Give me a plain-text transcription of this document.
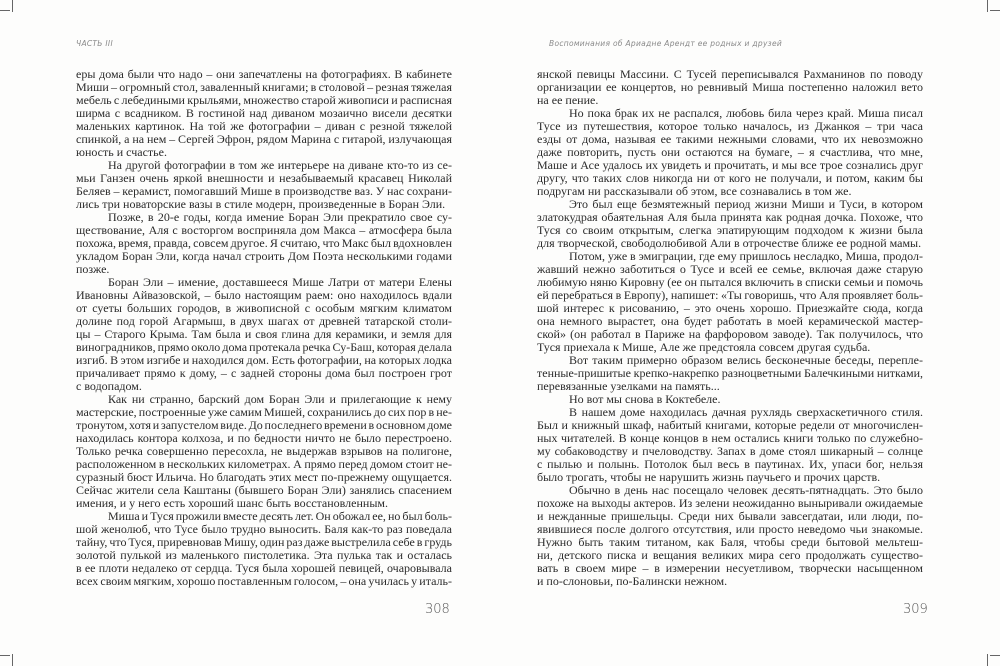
ЧАСТЬ III
еры дома были что надо – они запечатлены на фотографиях. В кабинете
Миши – огромный стол, заваленный книгами; в столовой – резная тяжелая
мебель с лебедиными крыльями, множество старой живописи и расписная
ширма с всадником. В гостиной над диваном мозаично висели десятки
маленьких картинок. На той же фотографии – диван с резной тяжелой
спинкой, а на нем – Сергей Эфрон, рядом Марина с гитарой, излучающая
юность и счастье.
На другой фотографии в том же интерьере на диване кто-то из се-
мьи Ганзен очень яркой внешности и незабываемый красавец Николай
Беляев – керамист, помогавший Мише в производстве ваз. У нас сохрани-
лись три новаторские вазы в стиле модерн, произведенные в Боран Эли.
Позже, в 20-е годы, когда имение Боран Эли прекратило свое су-
ществование, Аля с восторгом восприняла дом Макса – атмосфера была
похожа, время, правда, совсем другое. Я считаю, что Макс был вдохновлен
укладом Боран Эли, когда начал строить Дом Поэта несколькими годами
позже.
Боран Эли – имение, доставшееся Мише Латри от матери Елены
Ивановны Айвазовской, – было настоящим раем: оно находилось вдали
от суеты больших городов, в живописной с особым мягким климатом
долине под горой Агармыш, в двух шагах от древней татарской столи-
цы – Старого Крыма. Там была и своя глина для керамики, и земля для
виноградников, прямо около дома протекала речка Су-Баш, которая делала
изгиб. В этом изгибе и находился дом. Есть фотографии, на которых лодка
причаливает прямо к дому, – с задней стороны дома был построен грот
с водопадом.
Как ни странно, барский дом Боран Эли и прилегающие к нему
мастерские, построенные уже самим Мишей, сохранились до сих пор в не-
тронутом, хотя и запустелом виде. До последнего времени в основном доме
находилась контора колхоза, и по бедности ничто не было перестроено.
Только речка совершенно пересохла, не выдержав взрывов на полигоне,
расположенном в нескольких километрах. А прямо перед домом стоит не-
суразный бюст Ильича. Но благодать этих мест по-прежнему ощущается.
Сейчас жители села Каштаны (бывшего Боран Эли) занялись спасением
имения, и у него есть хороший шанс быть восстановленным.
Миша и Туся прожили вместе десять лет. Он обожал ее, но был боль-
шой женолюб, что Тусе было трудно выносить. Баля как-то раз поведала
тайну, что Туся, приревновав Мишу, один раз даже выстрелила себе в грудь
золотой пулькой из маленького пистолетика. Эта пулька так и осталась
в ее плоти недалеко от сердца. Туся была хорошей певицей, очаровывала
всех своим мягким, хорошо поставленным голосом, – она училась у италь-
308
Воспоминания об Ариадне Арендт ее родных и друзей
янской певицы Массини. С Тусей переписывался Рахманинов по поводу
организации ее концертов, но ревнивый Миша постепенно наложил вето
на ее пение.
Но пока брак их не распался, любовь била через край. Миша писал
Тусе из путешествия, которое только началось, из Джанкоя – три часа
езды от дома, называя ее такими нежными словами, что их невозможно
даже повторить, пусть они остаются на бумаге, – я счастлива, что мне,
Маше и Асе удалось их увидеть и прочитать, и мы все трое сознались друг
другу, что таких слов никогда ни от кого не получали, и потом, каким бы
подругам ни рассказывали об этом, все сознавались в том же.
Это был еще безмятежный период жизни Миши и Туси, в котором
златокудрая обаятельная Аля была принята как родная дочка. Похоже, что
Туся со своим открытым, слегка эпатирующим подходом к жизни была
для творческой, свободолюбивой Али в отрочестве ближе ее родной мамы.
Потом, уже в эмиграции, где ему пришлось несладко, Миша, продол-
жавший нежно заботиться о Тусе и всей ее семье, включая даже старую
любимую няню Кировну (ее он пытался включить в списки семьи и помочь
ей перебраться в Европу), напишет: «Ты говоришь, что Аля проявляет боль-
шой интерес к рисованию, – это очень хорошо. Приезжайте сюда, когда
она немного вырастет, она будет работать в моей керамической мастер-
ской» (он работал в Париже на фарфоровом заводе). Так получилось, что
Туся приехала к Мише, Але же предстояла совсем другая судьба.
Вот таким примерно образом велись бесконечные беседы, перепле-
тенные-пришитые крепко-накрепко разноцветными Балечкиными нитками,
перевязанные узелками на память...
Но вот мы снова в Коктебеле.
В нашем доме находилась дачная рухлядь сверхаскетичного стиля.
Был и книжный шкаф, набитый книгами, которые редели от многочислен-
ных читателей. В конце концов в нем остались книги только по служебно-
му собаководству и пчеловодству. Запах в доме стоял шикарный – солнце
с пылью и полынь. Потолок был весь в паутинах. Их, упаси бог, нельзя
было трогать, чтобы не нарушить жизнь паучьего и прочих царств.
Обычно в день нас посещало человек десять-пятнадцать. Это было
похоже на выходы актеров. Из зелени неожиданно выныривали ожидаемые
и нежданные пришельцы. Среди них бывали завсегдатаи, или люди, по-
явившиеся после долгого отсутствия, или просто неведомо чьи знакомые.
Нужно быть таким титаном, как Баля, чтобы среди бытовой мельтеш-
ни, детского писка и вещания великих мира сего продолжать существо-
вать в своем мире – в измерении несуетливом, творчески насыщенном
и по-слоновьи, по-Балински нежном.
309
